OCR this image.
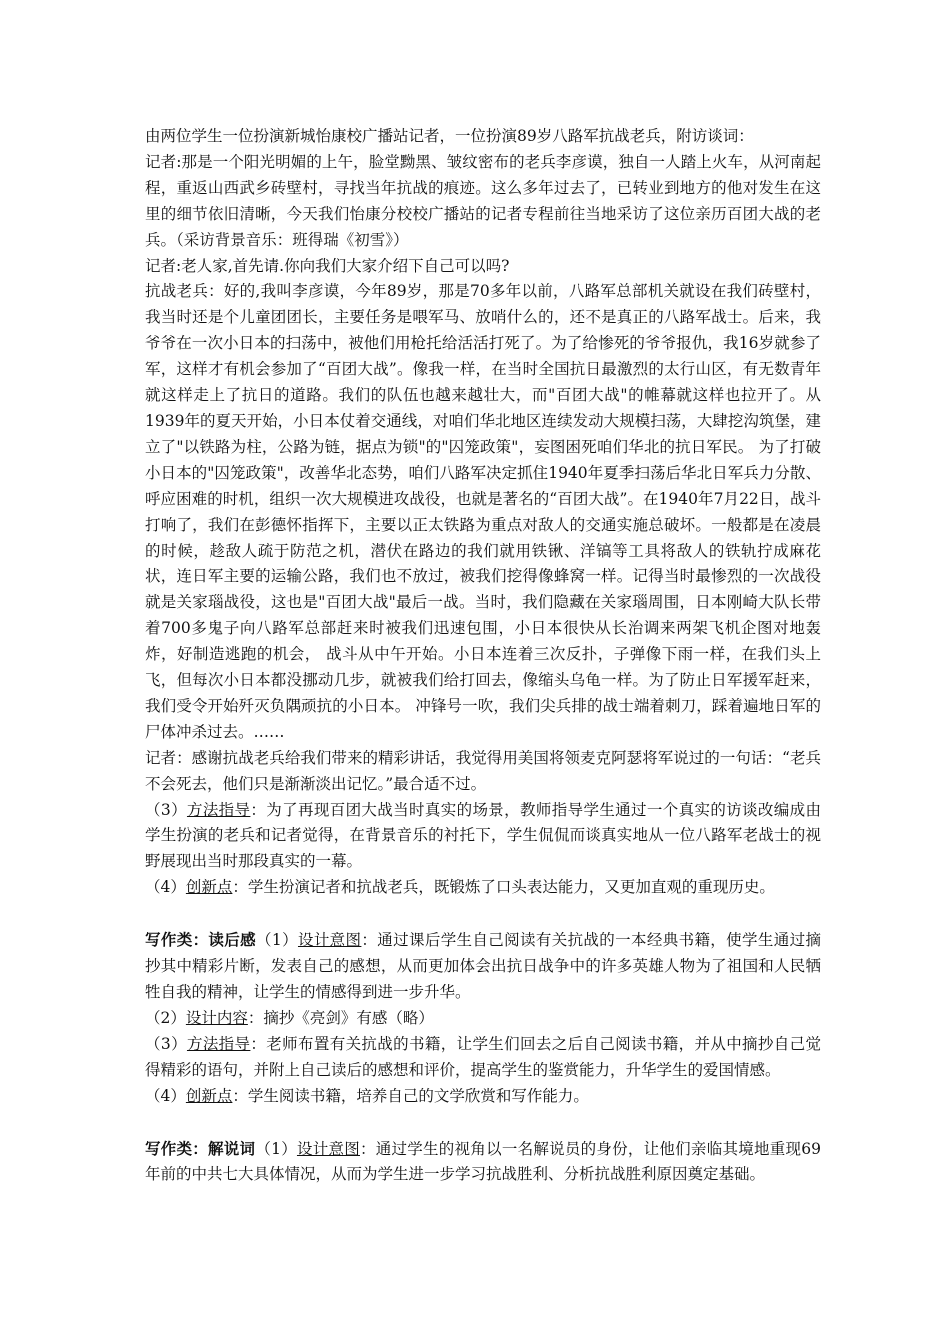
由两位学生一位扮演新城怡康校广播站记者，一位扮演89岁八路军抗战老兵，附访谈词：

记者:那是一个阳光明媚的上午，脸堂黝黑、皱纹密布的老兵李彦谟，独自一人踏上火车，从河南起程，重返山西武乡砖壁村，寻找当年抗战的痕迹。这么多年过去了，已转业到地方的他对发生在这里的细节依旧清晰，今天我们怡康分校校广播站的记者专程前往当地采访了这位亲历百团大战的老兵。（采访背景音乐：班得瑞《初雪》）

记者:老人家,首先请.你向我们大家介绍下自己可以吗?

抗战老兵：好的,我叫李彦谟，今年89岁，那是70多年以前，八路军总部机关就设在我们砖壁村， 我当时还是个儿童团团长，主要任务是喂军马、放哨什么的，还不是真正的八路军战士。后来，我爷爷在一次小日本的扫荡中，被他们用枪托给活活打死了。为了给惨死的爷爷报仇，我16岁就参了军，这样才有机会参加了“百团大战”。像我一样，在当时全国抗日最激烈的太行山区，有无数青年就这样走上了抗日的道路。我们的队伍也越来越壮大，而"百团大战"的帷幕就这样也拉开了。从1939年的夏天开始，小日本仗着交通线，对咱们华北地区连续发动大规模扫荡，大肆挖沟筑堡，建立了"以铁路为柱，公路为链，据点为锁"的"囚笼政策"，妄图困死咱们华北的抗日军民。 为了打破小日本的"囚笼政策"，改善华北态势，咱们八路军决定抓住1940年夏季扫荡后华北日军兵力分散、呼应困难的时机，组织一次大规模进攻战役，也就是著名的“百团大战”。在1940年7月22日，战斗打响了，我们在彭德怀指挥下，主要以正太铁路为重点对敌人的交通实施总破坏。一般都是在凌晨的时候，趁敌人疏于防范之机，潜伏在路边的我们就用铁锹、洋镐等工具将敌人的铁轨拧成麻花状，连日军主要的运输公路，我们也不放过，被我们挖得像蜂窝一样。记得当时最惨烈的一次战役就是关家瑙战役，这也是"百团大战"最后一战。当时，我们隐藏在关家瑙周围，日本刚崎大队长带着700多鬼子向八路军总部赶来时被我们迅速包围，小日本很快从长治调来两架飞机企图对地轰炸，好制造逃跑的机会， 战斗从中午开始。小日本连着三次反扑，子弹像下雨一样，在我们头上飞，但每次小日本都没挪动几步，就被我们给打回去，像缩头乌龟一样。为了防止日军援军赶来，我们受令开始歼灭负隅顽抗的小日本。 冲锋号一吹，我们尖兵排的战士端着刺刀，踩着遍地日军的尸体冲杀过去。……

记者：感谢抗战老兵给我们带来的精彩讲话，我觉得用美国将领麦克阿瑟将军说过的一句话：“老兵不会死去，他们只是渐渐淡出记忆。”最合适不过。

（3）方法指导：为了再现百团大战当时真实的场景，教师指导学生通过一个真实的访谈改编成由学生扮演的老兵和记者觉得，在背景音乐的衬托下，学生侃侃而谈真实地从一位八路军老战士的视野展现出当时那段真实的一幕。

（4）创新点：学生扮演记者和抗战老兵，既锻炼了口头表达能力，又更加直观的重现历史。

写作类：读后感（1）设计意图：通过课后学生自己阅读有关抗战的一本经典书籍，使学生通过摘抄其中精彩片断，发表自己的感想，从而更加体会出抗日战争中的许多英雄人物为了祖国和人民牺牲自我的精神，让学生的情感得到进一步升华。

（2）设计内容：摘抄《亮剑》有感（略）

（3）方法指导：老师布置有关抗战的书籍，让学生们回去之后自己阅读书籍，并从中摘抄自己觉得精彩的语句，并附上自己读后的感想和评价，提高学生的鉴赏能力，升华学生的爱国情感。

（4）创新点：学生阅读书籍，培养自己的文学欣赏和写作能力。

写作类：解说词（1）设计意图：通过学生的视角以一名解说员的身份，让他们亲临其境地重现69年前的中共七大具体情况，从而为学生进一步学习抗战胜利、分析抗战胜利原因奠定基础。
